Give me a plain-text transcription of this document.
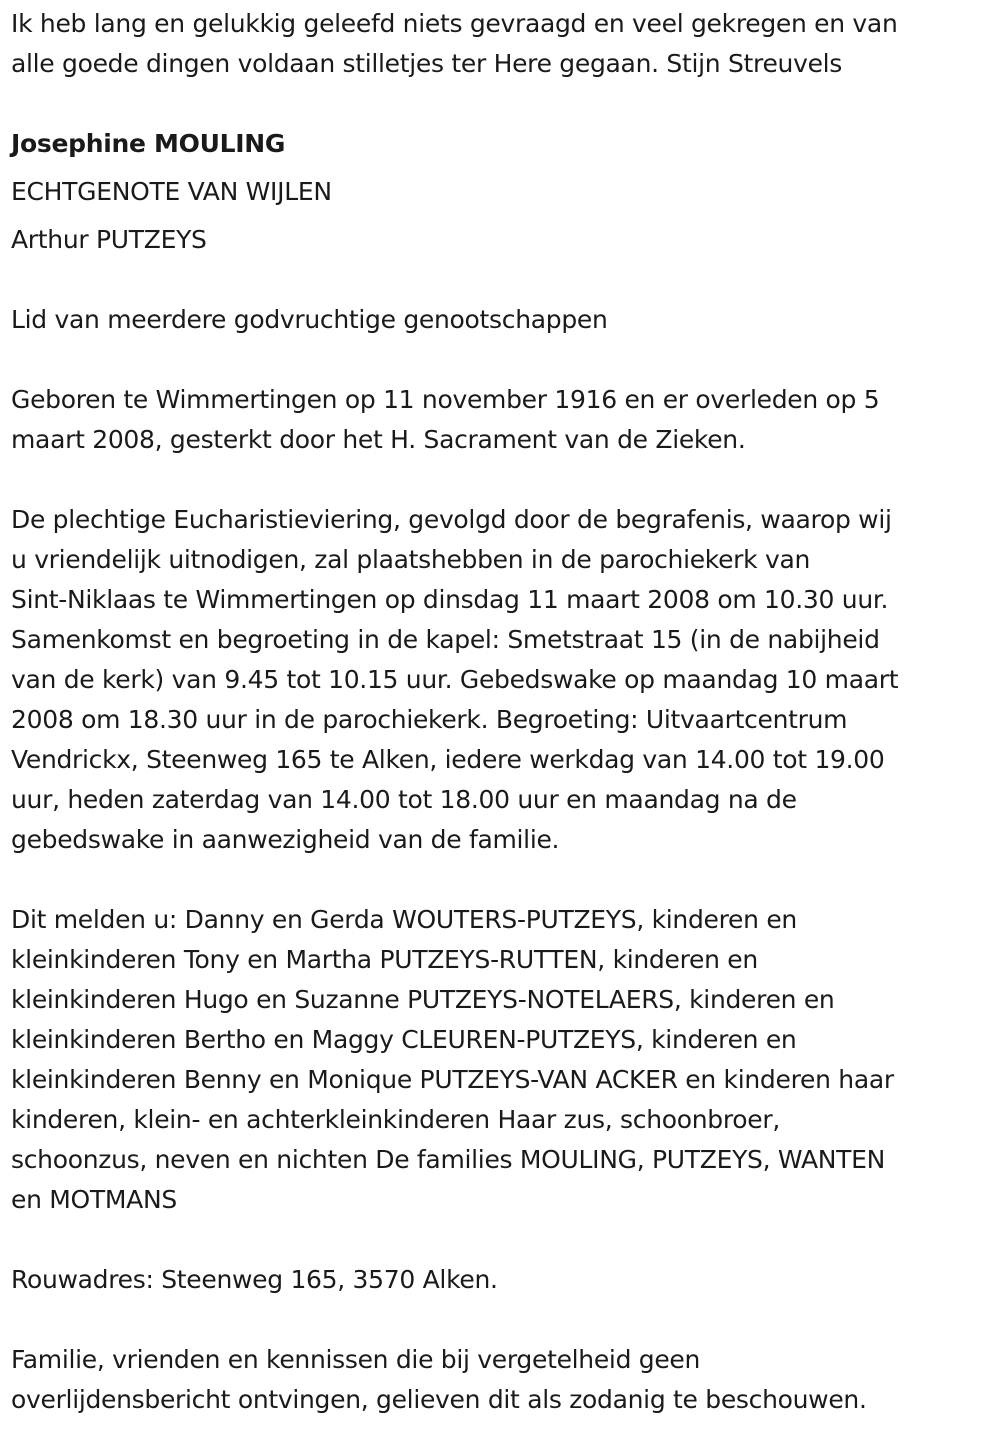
Ik heb lang en gelukkig geleefd niets gevraagd en veel gekregen en van
alle goede dingen voldaan stilletjes ter Here gegaan. Stijn Streuvels

Josephine MOULING

ECHTGENOTE VAN WIJLEN

Arthur PUTZEYS

Lid van meerdere godvruchtige genootschappen

Geboren te Wimmertingen op 11 november 1916 en er overleden op 5
maart 2008, gesterkt door het H. Sacrament van de Zieken.

De plechtige Eucharistieviering, gevolgd door de begrafenis, waarop wij
u vriendelijk uitnodigen, zal plaatshebben in de parochiekerk van
Sint-Niklaas te Wimmertingen op dinsdag 11 maart 2008 om 10.30 uur.
Samenkomst en begroeting in de kapel: Smetstraat 15 (in de nabijheid
van de kerk) van 9.45 tot 10.15 uur. Gebedswake op maandag 10 maart
2008 om 18.30 uur in de parochiekerk. Begroeting: Uitvaartcentrum
Vendrickx, Steenweg 165 te Alken, iedere werkdag van 14.00 tot 19.00
uur, heden zaterdag van 14.00 tot 18.00 uur en maandag na de
gebedswake in aanwezigheid van de familie.

Dit melden u: Danny en Gerda WOUTERS-PUTZEYS, kinderen en
kleinkinderen Tony en Martha PUTZEYS-RUTTEN, kinderen en
kleinkinderen Hugo en Suzanne PUTZEYS-NOTELAERS, kinderen en
kleinkinderen Bertho en Maggy CLEUREN-PUTZEYS, kinderen en
kleinkinderen Benny en Monique PUTZEYS-VAN ACKER en kinderen haar
kinderen, klein- en achterkleinkinderen Haar zus, schoonbroer,
schoonzus, neven en nichten De families MOULING, PUTZEYS, WANTEN
en MOTMANS

Rouwadres: Steenweg 165, 3570 Alken.

Familie, vrienden en kennissen die bij vergetelheid geen
overlijdensbericht ontvingen, gelieven dit als zodanig te beschouwen.
